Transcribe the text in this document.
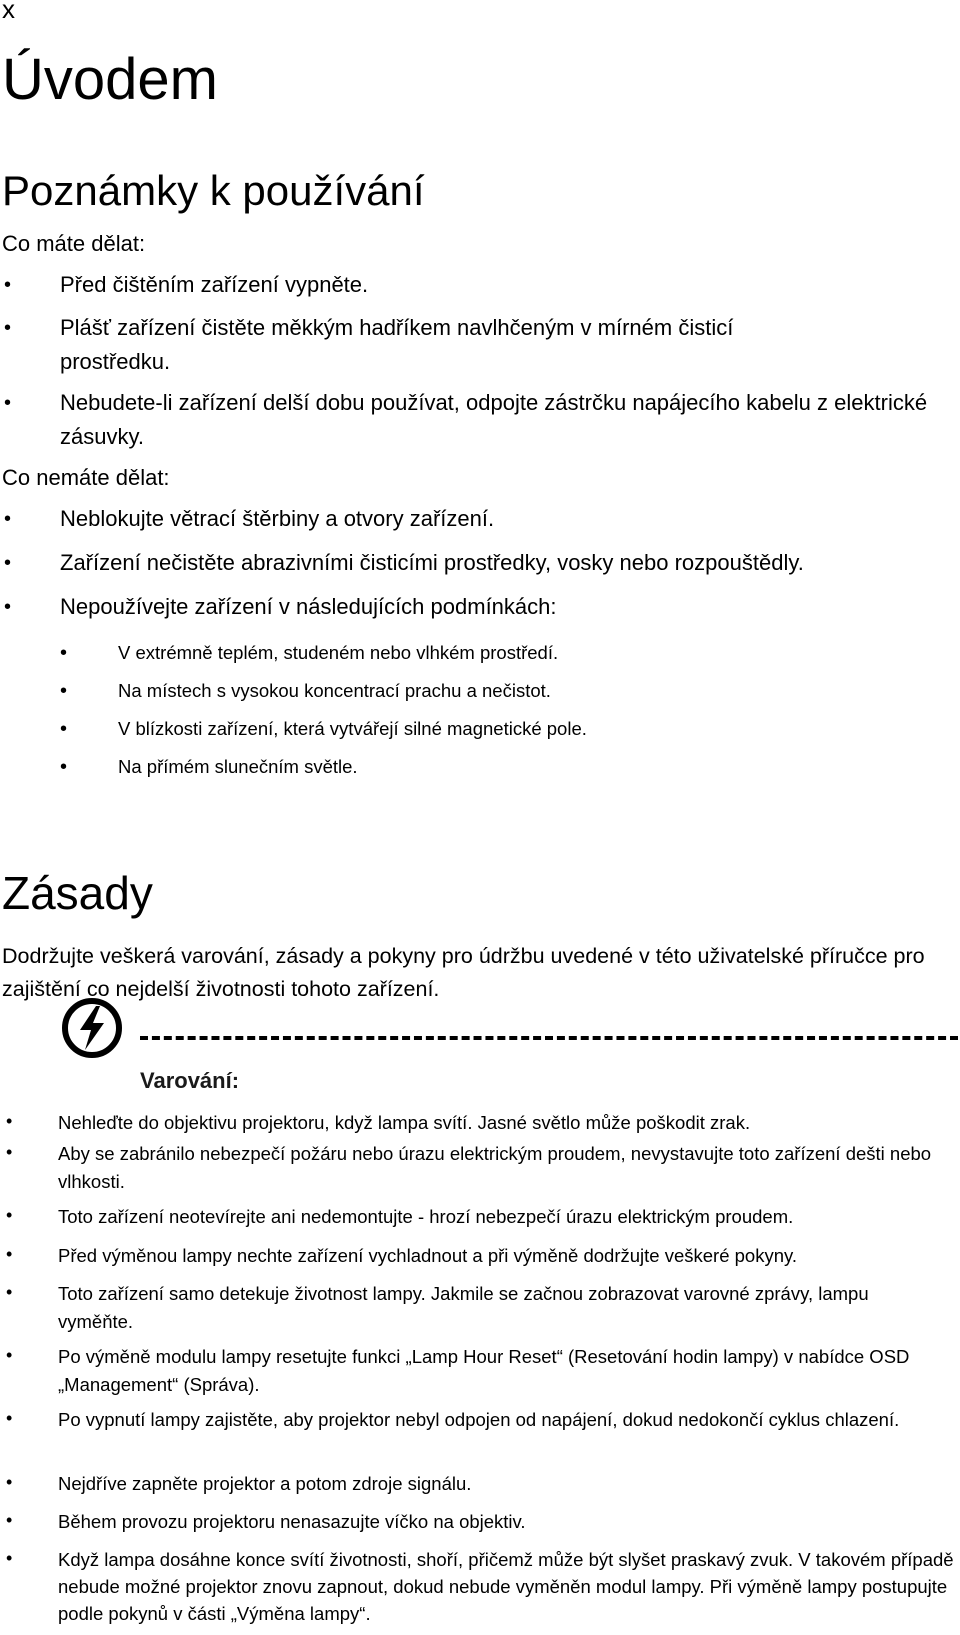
x
Úvodem
Poznámky k používání
Co máte dělat:
• Před čištěním zařízení vypněte.
• Plášť zařízení čistěte měkkým hadříkem navlhčeným v mírném čisticí prostředku.
• Nebudete-li zařízení delší dobu používat, odpojte zástrčku napájecího kabelu z elektrické zásuvky.
Co nemáte dělat:
• Neblokujte větrací štěrbiny a otvory zařízení.
• Zařízení nečistěte abrazivními čisticími prostředky, vosky nebo rozpouštědly.
• Nepoužívejte zařízení v následujících podmínkách:
•	V extrémně teplém, studeném nebo vlhkém prostředí.
•	Na místech s vysokou koncentrací prachu a nečistot.
•	V blízkosti zařízení, která vytvářejí silné magnetické pole.
•	Na přímém slunečním světle.
Zásady
Dodržujte veškerá varování, zásady a pokyny pro údržbu uvedené v této uživatelské příručce pro zajištění co nejdelší životnosti tohoto zařízení.
Varování:
• Nehleďte do objektivu projektoru, když lampa svítí. Jasné světlo může poškodit zrak.
• Aby se zabránilo nebezpečí požáru nebo úrazu elektrickým proudem, nevystavujte toto zařízení dešti nebo vlhkosti.
• Toto zařízení neotevírejte ani nedemontujte - hrozí nebezpečí úrazu elektrickým proudem.
• Před výměnou lampy nechte zařízení vychladnout a při výměně dodržujte veškeré pokyny.
• Toto zařízení samo detekuje životnost lampy. Jakmile se začnou zobrazovat varovné zprávy, lampu vyměňte.
• Po výměně modulu lampy resetujte funkci „Lamp Hour Reset“ (Resetování hodin lampy) v nabídce OSD „Management“ (Správa).
• Po vypnutí lampy zajistěte, aby projektor nebyl odpojen od napájení, dokud nedokončí cyklus chlazení.
• Nejdříve zapněte projektor a potom zdroje signálu.
• Během provozu projektoru nenasazujte víčko na objektiv.
• Když lampa dosáhne konce svítí životnosti, shoří, přičemž může být slyšet praskavý zvuk. V takovém případě nebude možné projektor znovu zapnout, dokud nebude vyměněn modul lampy. Při výměně lampy postupujte podle pokynů v části „Výměna lampy“.
